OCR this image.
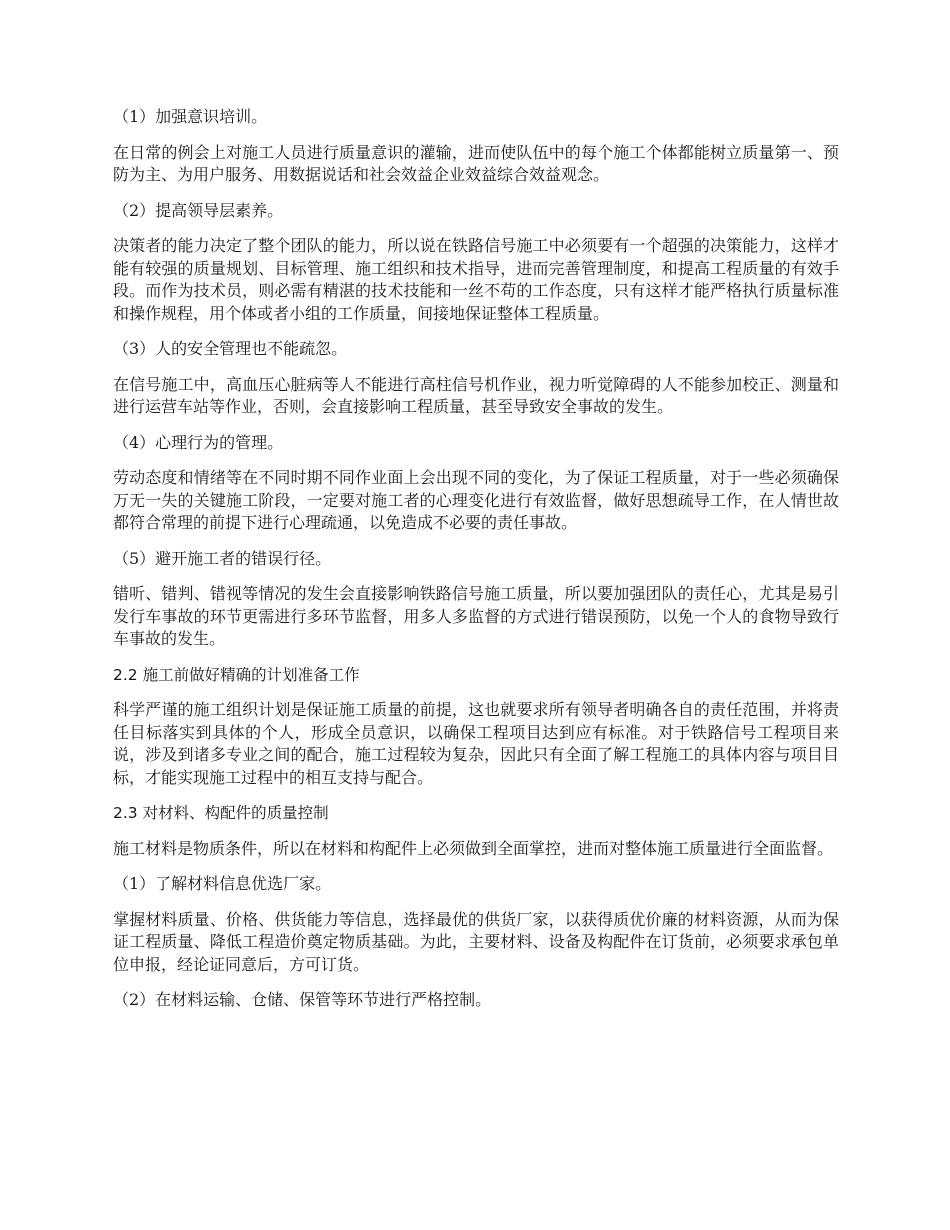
（1）加强意识培训。

在日常的例会上对施工人员进行质量意识的灌输，进而使队伍中的每个施工个体都能树立质量第一、预防为主、为用户服务、用数据说话和社会效益企业效益综合效益观念。

（2）提高领导层素养。

决策者的能力决定了整个团队的能力，所以说在铁路信号施工中必须要有一个超强的决策能力，这样才能有较强的质量规划、目标管理、施工组织和技术指导，进而完善管理制度，和提高工程质量的有效手段。而作为技术员，则必需有精湛的技术技能和一丝不苟的工作态度，只有这样才能严格执行质量标准和操作规程，用个体或者小组的工作质量，间接地保证整体工程质量。

（3）人的安全管理也不能疏忽。

在信号施工中，高血压心脏病等人不能进行高柱信号机作业，视力听觉障碍的人不能参加校正、测量和进行运营车站等作业，否则，会直接影响工程质量，甚至导致安全事故的发生。

（4）心理行为的管理。

劳动态度和情绪等在不同时期不同作业面上会出现不同的变化，为了保证工程质量，对于一些必须确保万无一失的关键施工阶段，一定要对施工者的心理变化进行有效监督，做好思想疏导工作，在人情世故都符合常理的前提下进行心理疏通，以免造成不必要的责任事故。

（5）避开施工者的错误行径。

错听、错判、错视等情况的发生会直接影响铁路信号施工质量，所以要加强团队的责任心，尤其是易引发行车事故的环节更需进行多环节监督，用多人多监督的方式进行错误预防，以免一个人的食物导致行车事故的发生。

2.2 施工前做好精确的计划准备工作

科学严谨的施工组织计划是保证施工质量的前提，这也就要求所有领导者明确各自的责任范围，并将责任目标落实到具体的个人，形成全员意识，以确保工程项目达到应有标准。对于铁路信号工程项目来说，涉及到诸多专业之间的配合，施工过程较为复杂，因此只有全面了解工程施工的具体内容与项目目标，才能实现施工过程中的相互支持与配合。

2.3 对材料、构配件的质量控制

施工材料是物质条件，所以在材料和构配件上必须做到全面掌控，进而对整体施工质量进行全面监督。

（1）了解材料信息优选厂家。

掌握材料质量、价格、供货能力等信息，选择最优的供货厂家，以获得质优价廉的材料资源，从而为保证工程质量、降低工程造价奠定物质基础。为此，主要材料、设备及构配件在订货前，必须要求承包单位申报，经论证同意后，方可订货。

（2）在材料运输、仓储、保管等环节进行严格控制。
